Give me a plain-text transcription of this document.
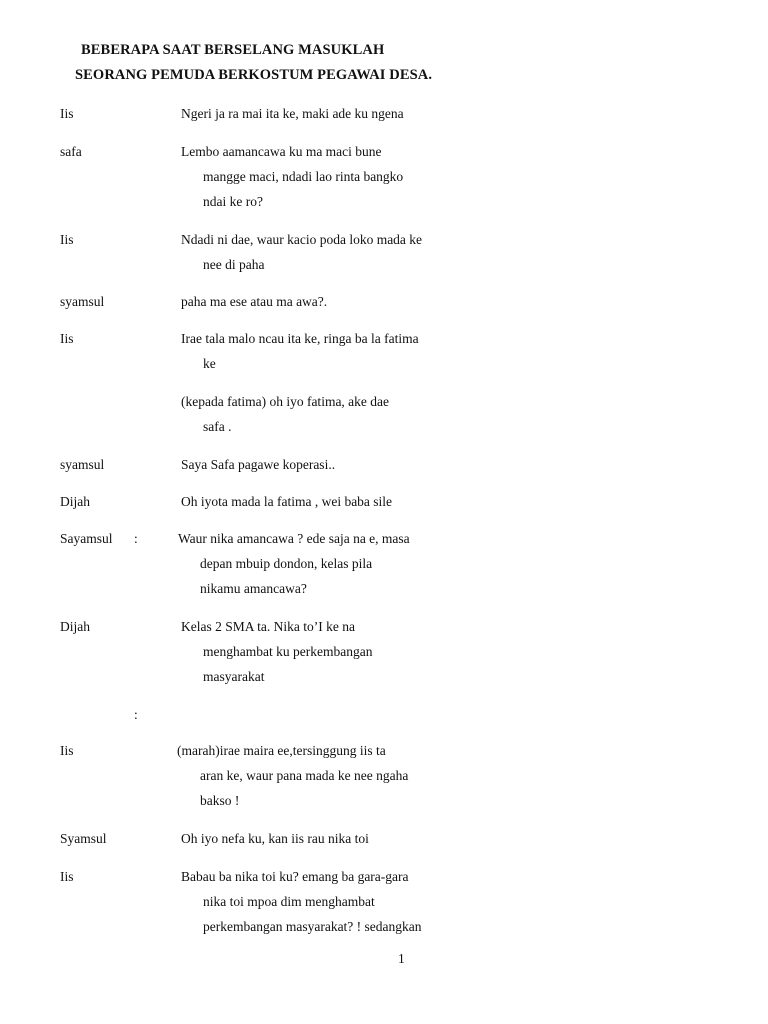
BEBERAPA SAAT BERSELANG MASUKLAH
SEORANG PEMUDA BERKOSTUM PEGAWAI DESA.
Iis	Ngeri ja ra mai ita ke, maki ade ku ngena
safa	Lembo aamancawa ku ma maci bune
mangge maci, ndadi lao rinta bangko
ndai ke ro?
Iis	Ndadi ni dae, waur kacio poda loko mada ke
nee di paha
syamsul	paha ma ese atau ma awa?.
Iis	Irae tala malo ncau ita ke, ringa ba la fatima
ke
(kepada fatima) oh iyo fatima, ake dae
safa .
syamsul	Saya Safa pagawe koperasi..
Dijah	Oh iyota mada la fatima , wei baba sile
Sayamsul :	Waur nika amancawa ? ede saja na e, masa
depan mbuip dondon, kelas pila
nikamu amancawa?
Dijah	Kelas 2 SMA ta. Nika to’I ke na
menghambat ku perkembangan
masyarakat
:
Iis	(marah)irae maira ee,tersinggung iis ta
aran ke, waur pana mada ke nee ngaha
bakso !
Syamsul	Oh iyo nefa ku, kan iis rau nika toi
Iis	Babau ba nika toi ku? emang ba gara-gara
nika toi mpoa dim menghambat
perkembangan masyarakat? ! sedangkan
1
